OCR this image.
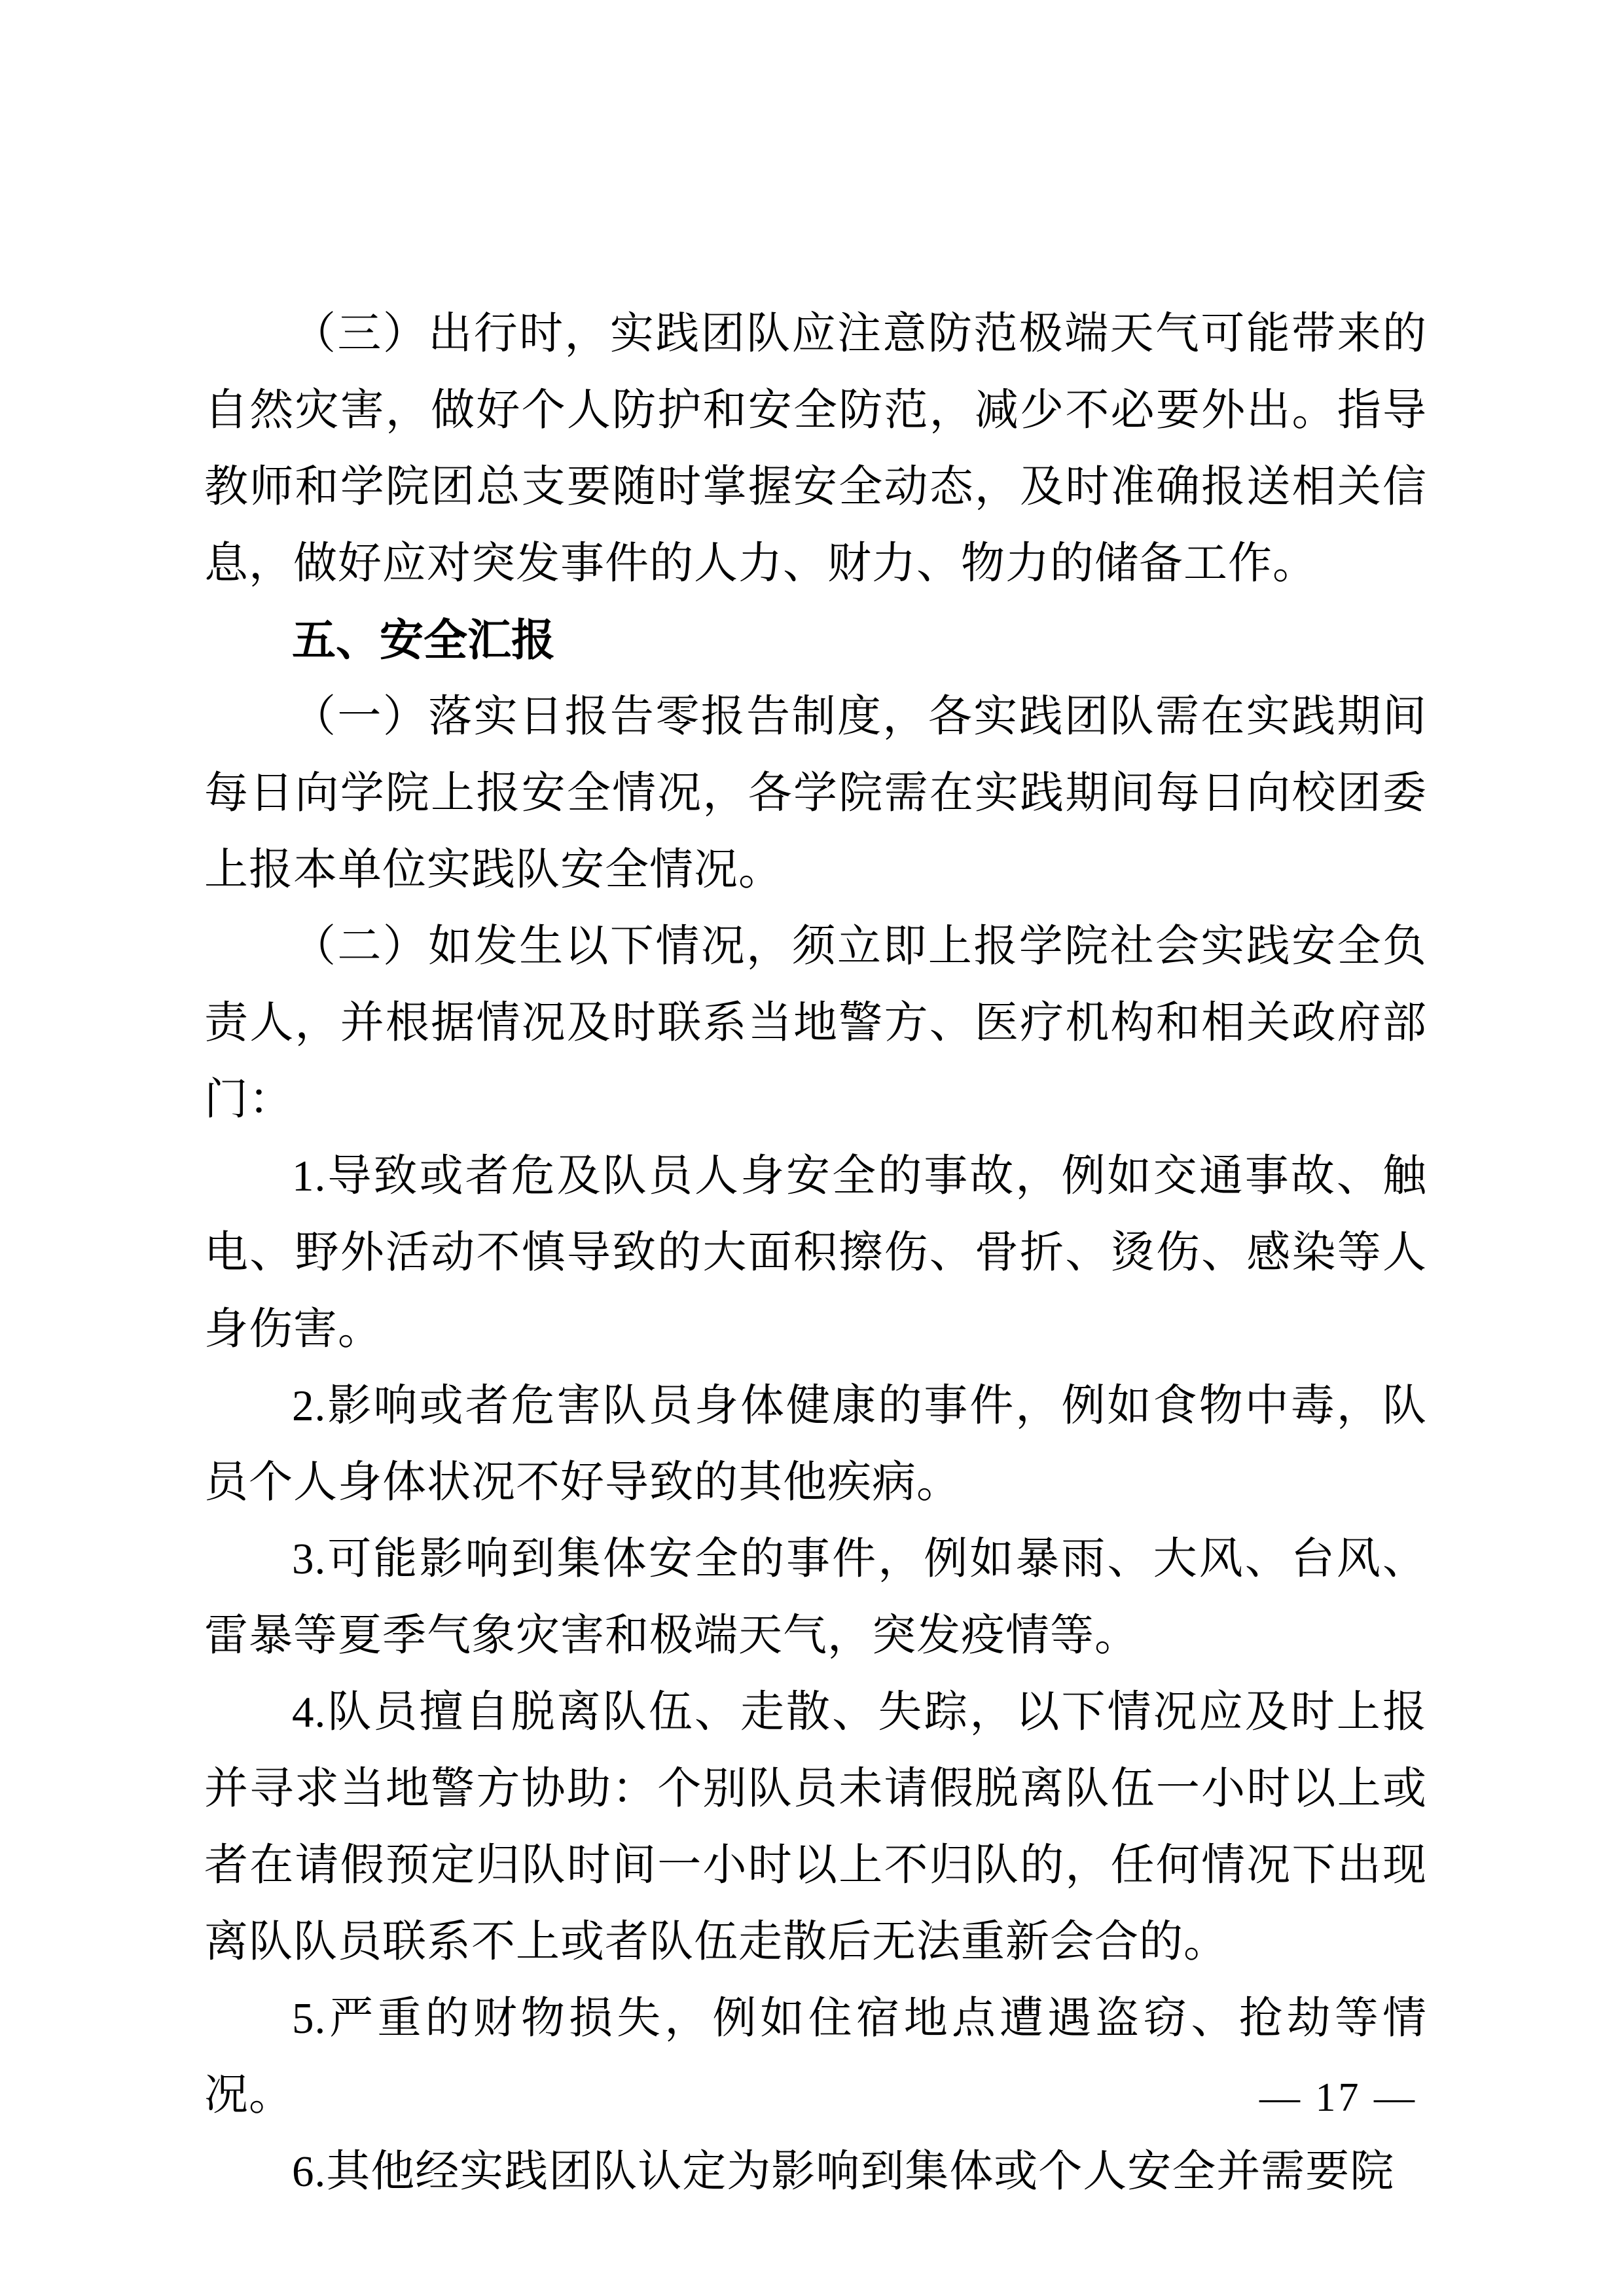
（三）出行时，实践团队应注意防范极端天气可能带来的自然灾害，做好个人防护和安全防范，减少不必要外出。指导教师和学院团总支要随时掌握安全动态，及时准确报送相关信息，做好应对突发事件的人力、财力、物力的储备工作。

五、安全汇报

（一）落实日报告零报告制度，各实践团队需在实践期间每日向学院上报安全情况，各学院需在实践期间每日向校团委上报本单位实践队安全情况。

（二）如发生以下情况，须立即上报学院社会实践安全负责人，并根据情况及时联系当地警方、医疗机构和相关政府部门：

1.导致或者危及队员人身安全的事故，例如交通事故、触电、野外活动不慎导致的大面积擦伤、骨折、烫伤、感染等人身伤害。

2.影响或者危害队员身体健康的事件，例如食物中毒，队员个人身体状况不好导致的其他疾病。

3.可能影响到集体安全的事件，例如暴雨、大风、台风、雷暴等夏季气象灾害和极端天气，突发疫情等。

4.队员擅自脱离队伍、走散、失踪，以下情况应及时上报并寻求当地警方协助：个别队员未请假脱离队伍一小时以上或者在请假预定归队时间一小时以上不归队的，任何情况下出现离队队员联系不上或者队伍走散后无法重新会合的。

5.严重的财物损失，例如住宿地点遭遇盗窃、抢劫等情况。

6.其他经实践团队认定为影响到集体或个人安全并需要院

— 17 —
